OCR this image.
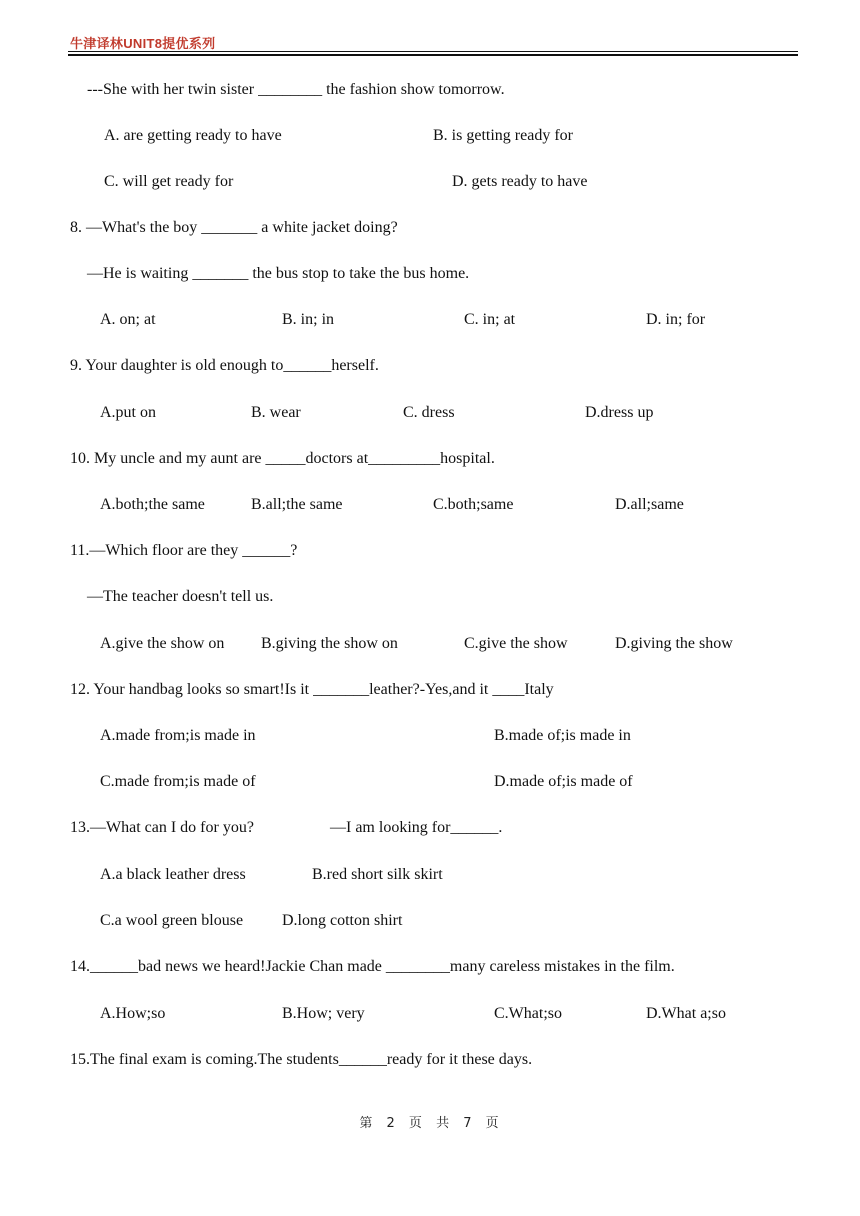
牛津译林UNIT8提优系列
---She with her twin sister ________ the fashion show tomorrow.
A. are getting ready to have	B. is getting ready for
C. will get ready for	D. gets ready to have
8. —What's the boy _______ a white jacket doing?
—He is waiting _______ the bus stop to take the bus home.
A. on; at	B. in; in	C. in; at	D. in; for
9. Your daughter is old enough to______herself.
A.put on	B. wear	C. dress	D.dress up
10. My uncle and my aunt are _____doctors at_________hospital.
A.both;the same	B.all;the same	C.both;same	D.all;same
11.—Which floor are they ______?
—The teacher doesn't tell us.
A.give the show on B.giving the show on	C.give the show	D.giving the show
12. Your handbag looks so smart!Is it _______leather?-Yes,and it ____Italy
A.made from;is made in	B.made of;is made in
C.made from;is made of	D.made of;is made of
13.—What can I do for you?	—I am looking for______.
A.a black leather dress	B.red short silk skirt
C.a wool green blouse D.long cotton shirt
14.______bad news we heard!Jackie Chan made ________many careless mistakes in the film.
A.How;so	B.How; very	C.What;so	D.What a;so
15.The final exam is coming.The students______ready for it these days.
第 2 页 共 7 页
